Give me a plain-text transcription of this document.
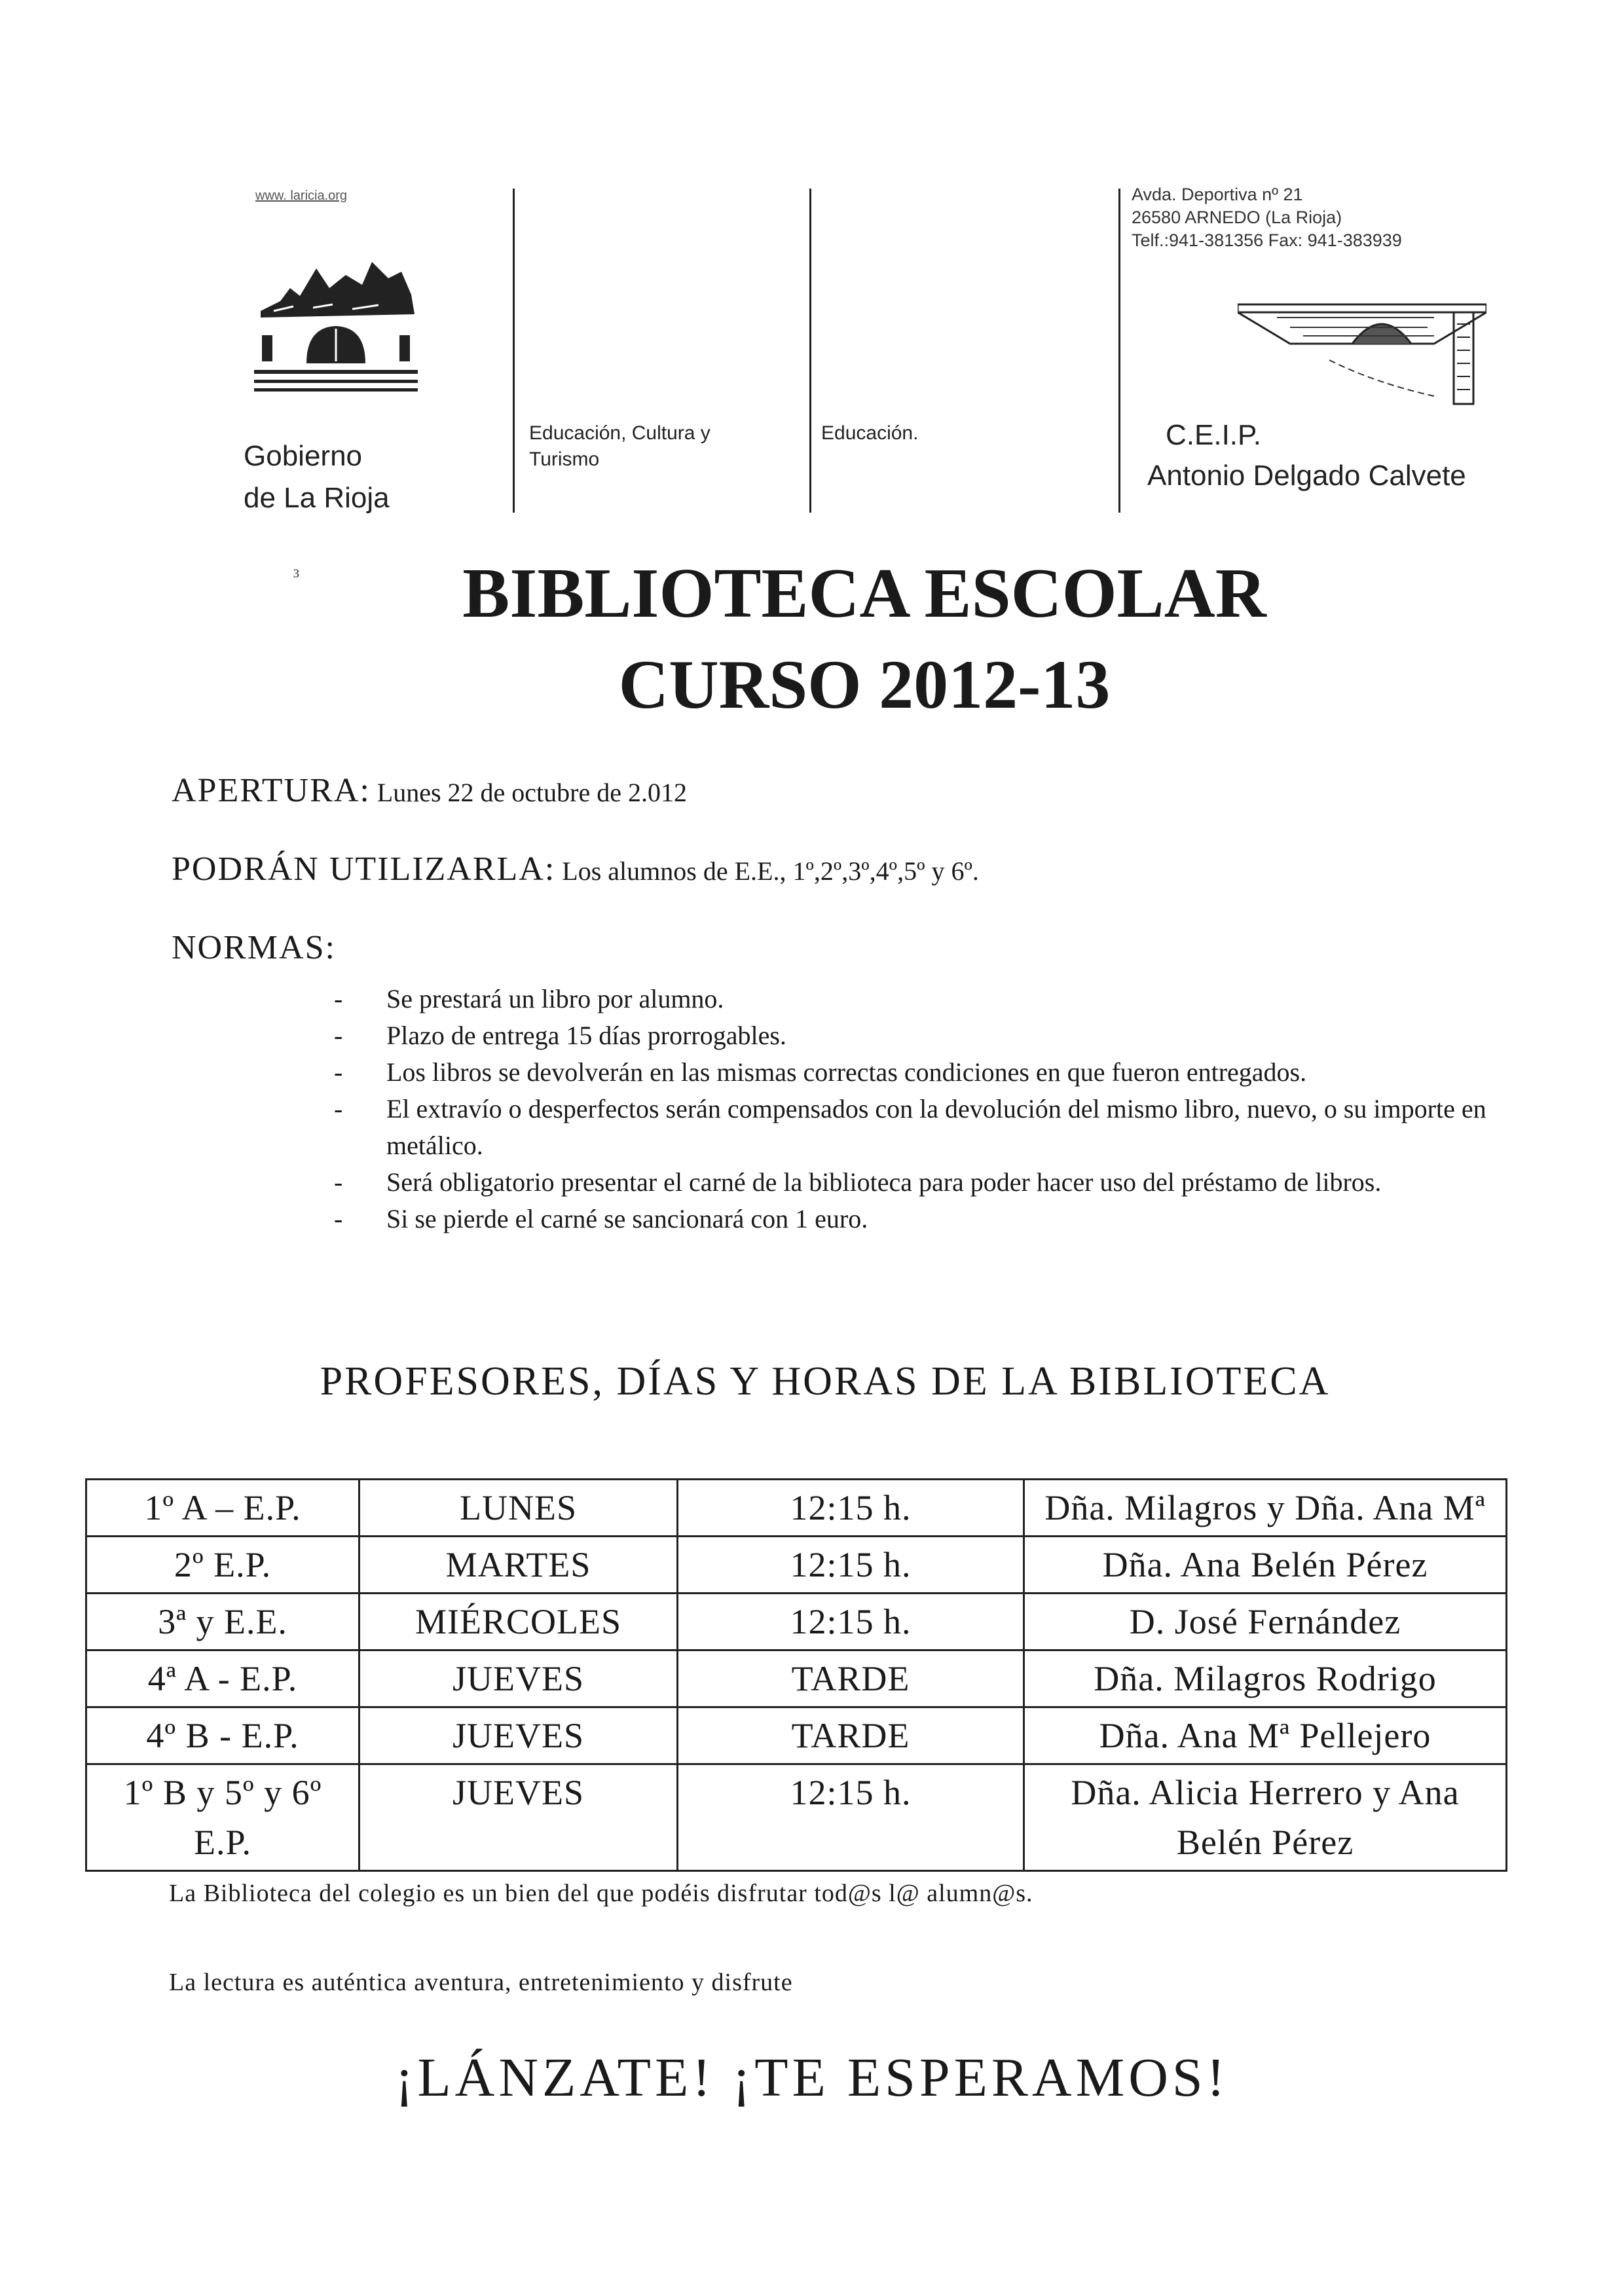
www. laricia.org
Gobierno
de La Rioja
Educación, Cultura y
Turismo
Educación.
Avda. Deportiva nº 21
26580 ARNEDO (La Rioja)
Telf.:941-381356 Fax: 941-383939
C.E.I.P.
Antonio Delgado Calvete
³	BIBLIOTECA ESCOLAR
CURSO 2012-13
APERTURA: Lunes 22 de octubre de 2.012
PODRÁN UTILIZARLA: Los alumnos de E.E., 1º,2º,3º,4º,5º y 6º.
NORMAS:
- Se prestará un libro por alumno.
- Plazo de entrega 15 días prorrogables.
- Los libros se devolverán en las mismas correctas condiciones en que fueron entregados.
- El extravío o desperfectos serán compensados con la devolución del mismo libro, nuevo, o su importe en metálico.
- Será obligatorio presentar el carné de la biblioteca para poder hacer uso del préstamo de libros.
- Si se pierde el carné se sancionará con 1 euro.
PROFESORES, DÍAS Y HORAS DE LA BIBLIOTECA
1º A – E.P.	LUNES	12:15 h.	Dña. Milagros y Dña. Ana Mª
2º E.P.	MARTES	12:15 h.	Dña. Ana Belén Pérez
3ª y E.E.	MIÉRCOLES	12:15 h.	D. José Fernández
4ª A - E.P.	JUEVES	TARDE	Dña. Milagros Rodrigo
4º B - E.P.	JUEVES	TARDE	Dña. Ana Mª Pellejero
1º B y 5º y 6º E.P.	JUEVES	12:15 h.	Dña. Alicia Herrero y Ana Belén Pérez
La Biblioteca del colegio es un bien del que podéis disfrutar tod@s l@ alumn@s.
La lectura es auténtica aventura, entretenimiento y disfrute
¡LÁNZATE! ¡TE ESPERAMOS!
